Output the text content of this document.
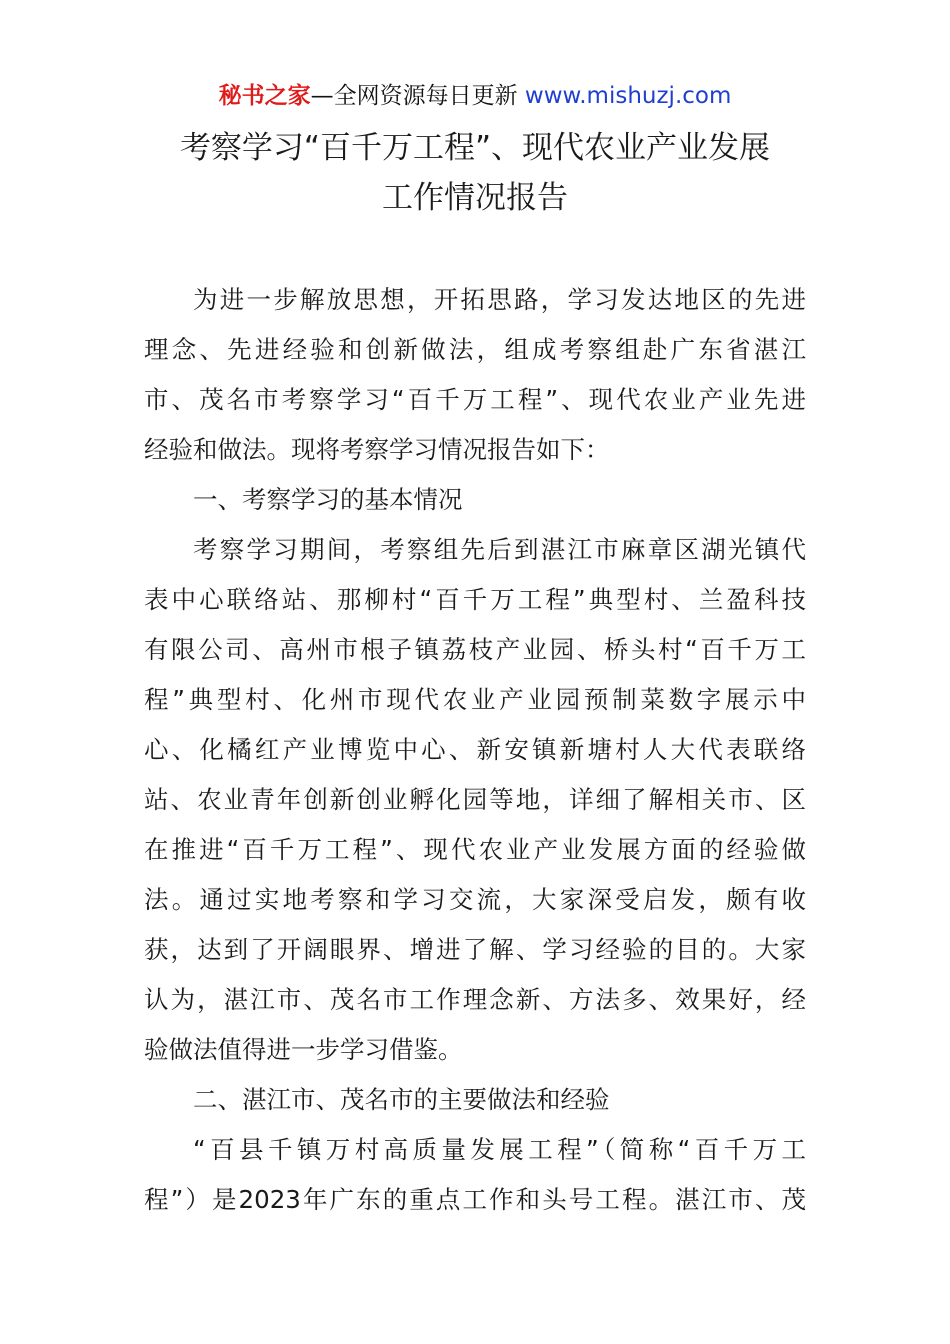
秘书之家—全网资源每日更新 www.mishuzj.com
考察学习“百千万工程”、现代农业产业发展
工作情况报告
为进一步解放思想，开拓思路，学习发达地区的先进
理念、先进经验和创新做法，组成考察组赴广东省湛江
市、茂名市考察学习“百千万工程”、现代农业产业先进
经验和做法。现将考察学习情况报告如下：
一、考察学习的基本情况
考察学习期间，考察组先后到湛江市麻章区湖光镇代
表中心联络站、那柳村“百千万工程”典型村、兰盈科技
有限公司、高州市根子镇荔枝产业园、桥头村“百千万工
程”典型村、化州市现代农业产业园预制菜数字展示中
心、化橘红产业博览中心、新安镇新塘村人大代表联络
站、农业青年创新创业孵化园等地，详细了解相关市、区
在推进“百千万工程”、现代农业产业发展方面的经验做
法。通过实地考察和学习交流，大家深受启发，颇有收
获，达到了开阔眼界、增进了解、学习经验的目的。大家
认为，湛江市、茂名市工作理念新、方法多、效果好，经
验做法值得进一步学习借鉴。
二、湛江市、茂名市的主要做法和经验
“百县千镇万村高质量发展工程”（简称“百千万工
程”）是2023年广东的重点工作和头号工程。湛江市、茂
